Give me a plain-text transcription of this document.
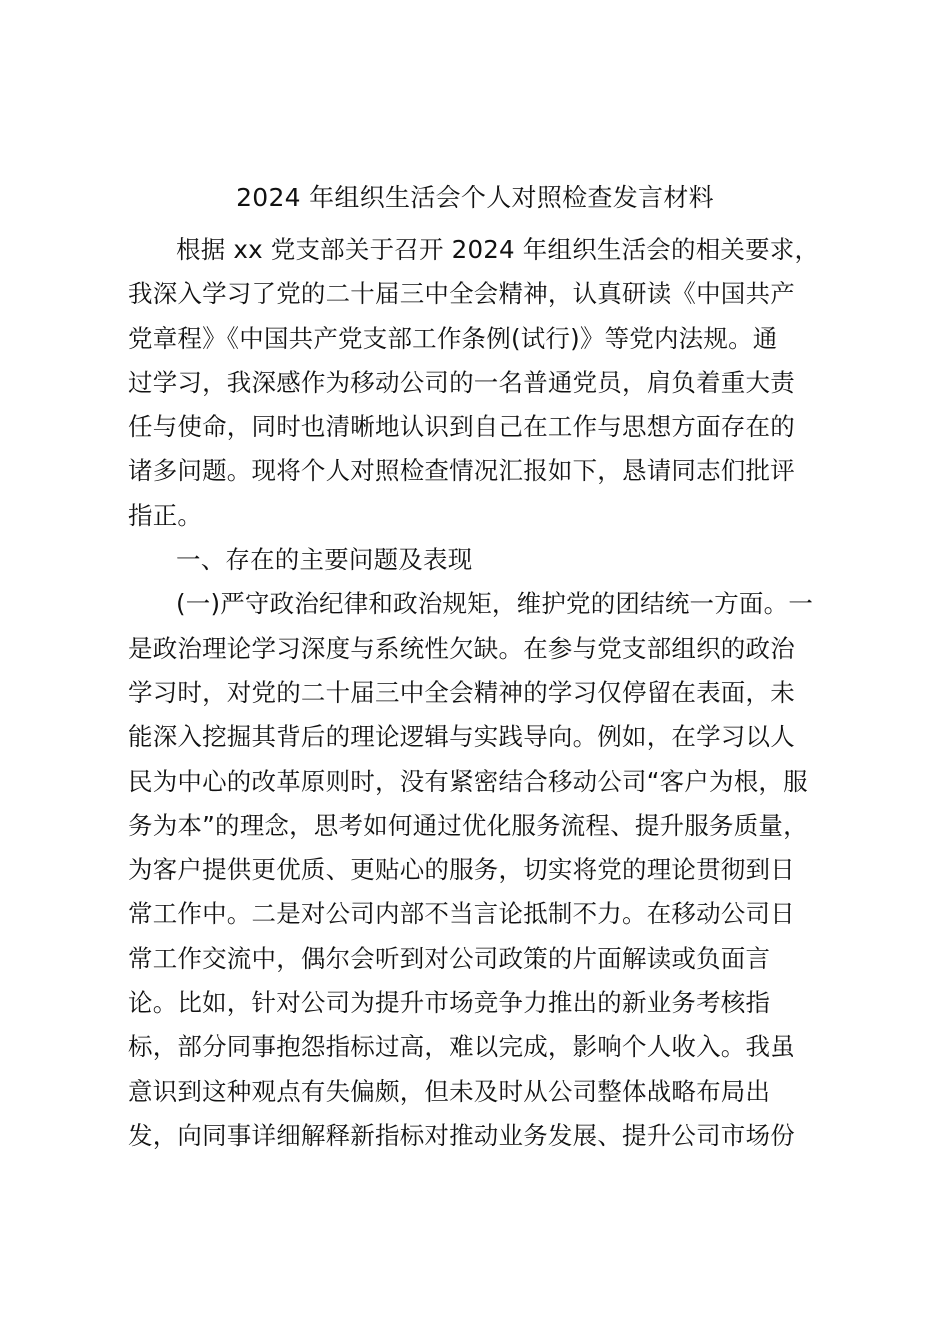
2024 年组织生活会个人对照检查发言材料
根据 xx 党支部关于召开 2024 年组织生活会的相关要求，
我深入学习了党的二十届三中全会精神，认真研读《中国共产
党章程》《中国共产党支部工作条例(试行)》等党内法规。通
过学习，我深感作为移动公司的一名普通党员，肩负着重大责
任与使命，同时也清晰地认识到自己在工作与思想方面存在的
诸多问题。现将个人对照检查情况汇报如下，恳请同志们批评
指正。
一、存在的主要问题及表现
(一)严守政治纪律和政治规矩，维护党的团结统一方面。一
是政治理论学习深度与系统性欠缺。在参与党支部组织的政治
学习时，对党的二十届三中全会精神的学习仅停留在表面，未
能深入挖掘其背后的理论逻辑与实践导向。例如，在学习以人
民为中心的改革原则时，没有紧密结合移动公司“客户为根，服
务为本”的理念，思考如何通过优化服务流程、提升服务质量，
为客户提供更优质、更贴心的服务，切实将党的理论贯彻到日
常工作中。二是对公司内部不当言论抵制不力。在移动公司日
常工作交流中，偶尔会听到对公司政策的片面解读或负面言
论。比如，针对公司为提升市场竞争力推出的新业务考核指
标，部分同事抱怨指标过高，难以完成，影响个人收入。我虽
意识到这种观点有失偏颇，但未及时从公司整体战略布局出
发，向同事详细解释新指标对推动业务发展、提升公司市场份
